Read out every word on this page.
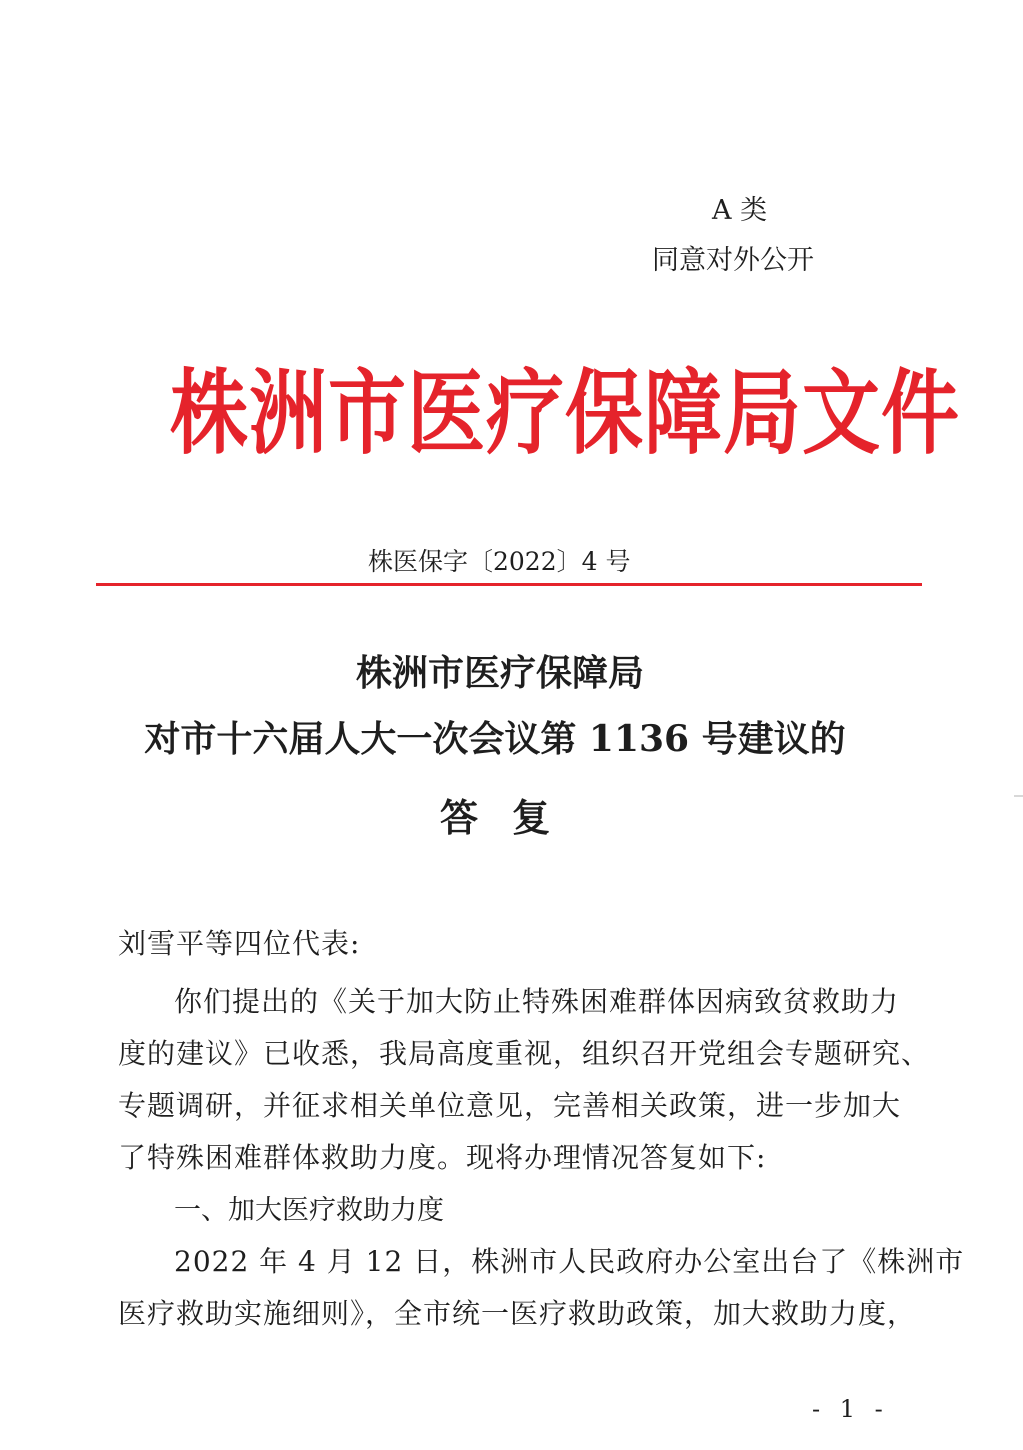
A 类
同意对外公开
株洲市医疗保障局文件
株医保字〔2022〕4 号
株洲市医疗保障局
对市十六届人大一次会议第 1136 号建议的
答复
刘雪平等四位代表:
你们提出的《关于加大防止特殊困难群体因病致贫救助力
度的建议》已收悉，我局高度重视，组织召开党组会专题研究、
专题调研，并征求相关单位意见，完善相关政策，进一步加大
了特殊困难群体救助力度。现将办理情况答复如下:
一、加大医疗救助力度
2022 年 4 月 12 日，株洲市人民政府办公室出台了《株洲市
医疗救助实施细则》，全市统一医疗救助政策，加大救助力度，
- 1 -
